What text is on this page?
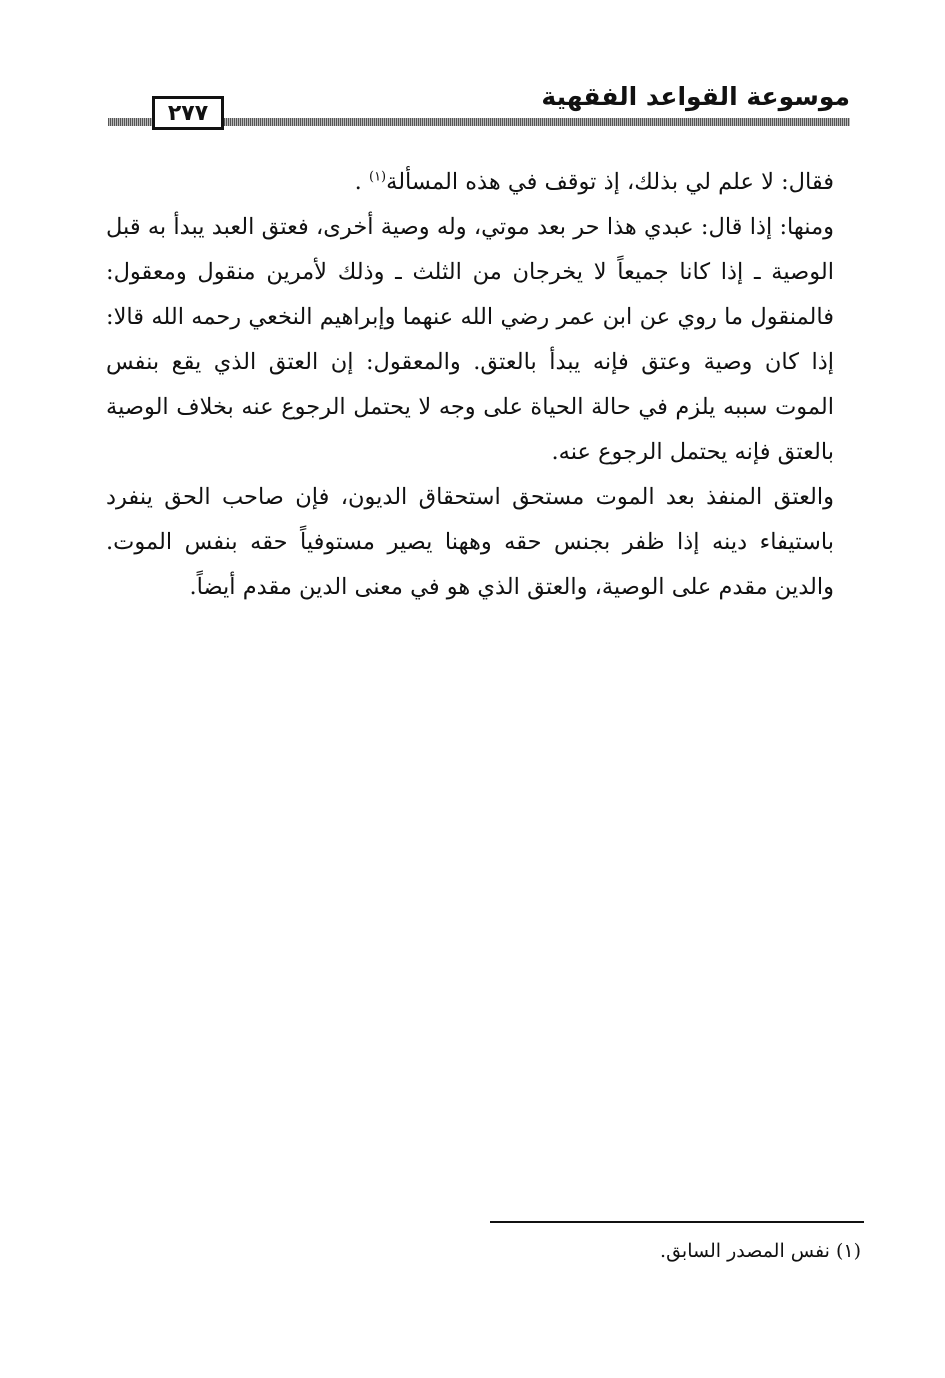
موسوعة القواعد الفقهية
٢٧٧

فقال: لا علم لي بذلك، إذ توقف في هذه المسألة$^{(١)}$ .

ومنها: إذا قال: عبدي هذا حر بعد موتي، وله وصية أخرى، فعتق العبد يبدأ به قبل الوصية ـ إذا كانا جميعاً لا يخرجان من الثلث ـ وذلك لأمرين منقول ومعقول: فالمنقول ما روي عن ابن عمر رضي الله عنهما وإبراهيم النخعي رحمه الله قالا: إذا كان وصية وعتق فإنه يبدأ بالعتق. والمعقول: إن العتق الذي يقع بنفس الموت سببه يلزم في حالة الحياة على وجه لا يحتمل الرجوع عنه بخلاف الوصية بالعتق فإنه يحتمل الرجوع عنه.

والعتق المنفذ بعد الموت مستحق استحقاق الديون، فإن صاحب الحق ينفرد باستيفاء دينه إذا ظفر بجنس حقه وههنا يصير مستوفياً حقه بنفس الموت. والدين مقدم على الوصية، والعتق الذي هو في معنى الدين مقدم أيضاً.

(١) نفس المصدر السابق.
